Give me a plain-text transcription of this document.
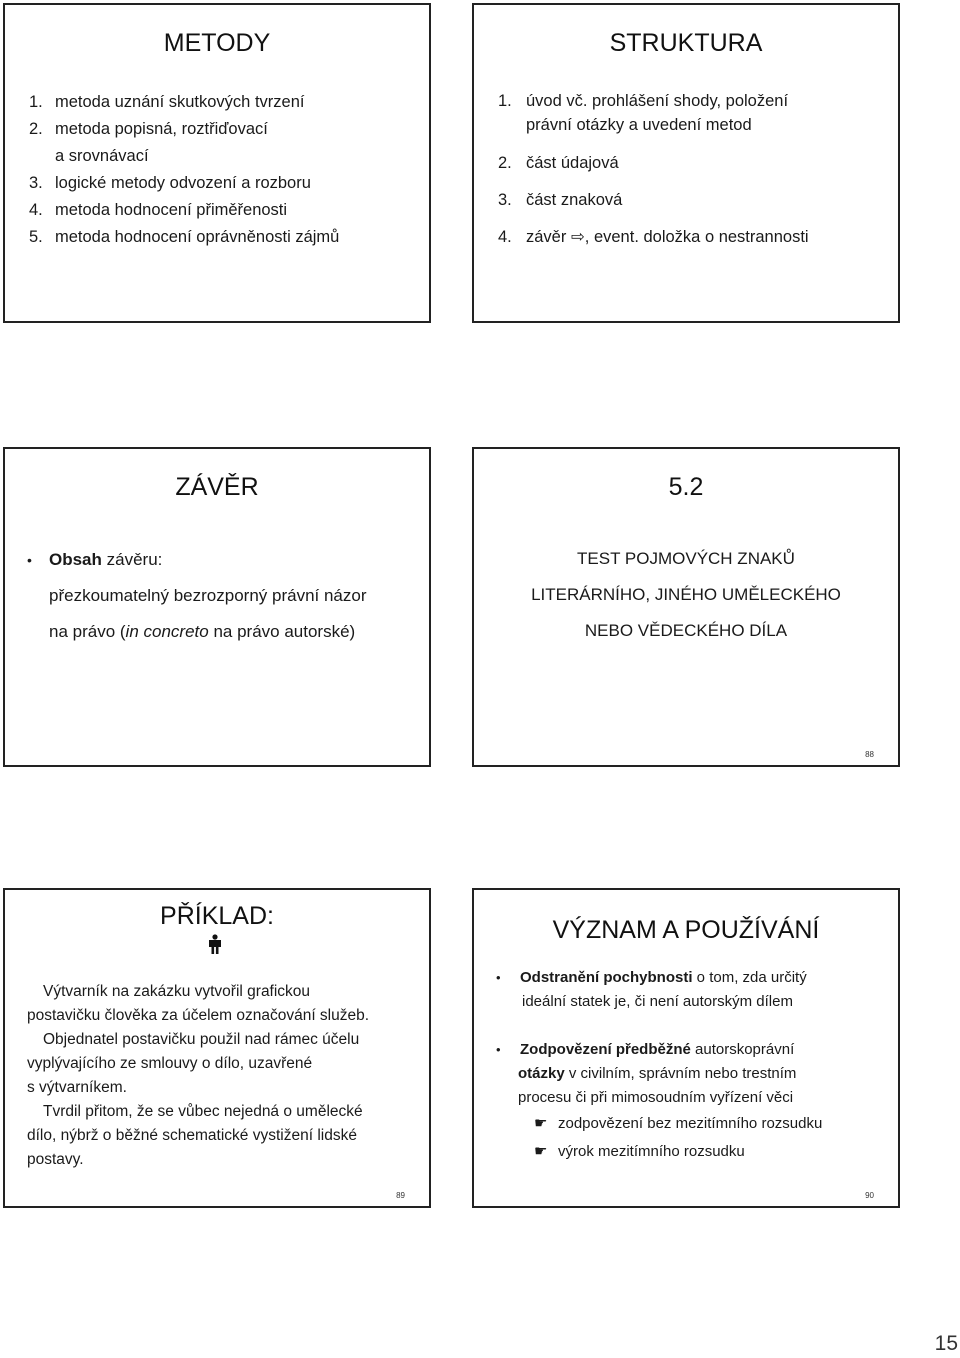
METODY
1. metoda uznání skutkových tvrzení
2. metoda popisná, roztřiďovací
a srovnávací
3. logické metody odvození a rozboru
4. metoda hodnocení přiměřenosti
5. metoda hodnocení oprávněnosti zájmů
STRUKTURA
1. úvod vč. prohlášení shody, položení
právní otázky a uvedení metod
2. část údajová
3. část znaková
4. závěr ⇨, event. doložka o nestrannosti
ZÁVĚR
• Obsah závěru:
přezkoumatelný bezrozporný právní názor
na právo (in concreto na právo autorské)
5.2
TEST POJMOVÝCH ZNAKŮ
LITERÁRNÍHO, JINÉHO UMĚLECKÉHO
NEBO VĚDECKÉHO DÍLA
88
PŘÍKLAD:
Výtvarník na zakázku vytvořil grafickou
postavičku člověka za účelem označování služeb.
Objednatel postavičku použil nad rámec účelu
vyplývajícího ze smlouvy o dílo, uzavřené
s výtvarníkem.
Tvrdil přitom, že se vůbec nejedná o umělecké
dílo, nýbrž o běžné schematické vystižení lidské
postavy.
89
VÝZNAM A POUŽÍVÁNÍ
• Odstranění pochybnosti o tom, zda určitý
ideální statek je, či není autorským dílem
• Zodpovězení předběžné autorskoprávní
otázky v civilním, správním nebo trestním
procesu či při mimosoudním vyřízení věci
☛ zodpovězení bez mezitímního rozsudku
☛ výrok mezitímního rozsudku
90
15
